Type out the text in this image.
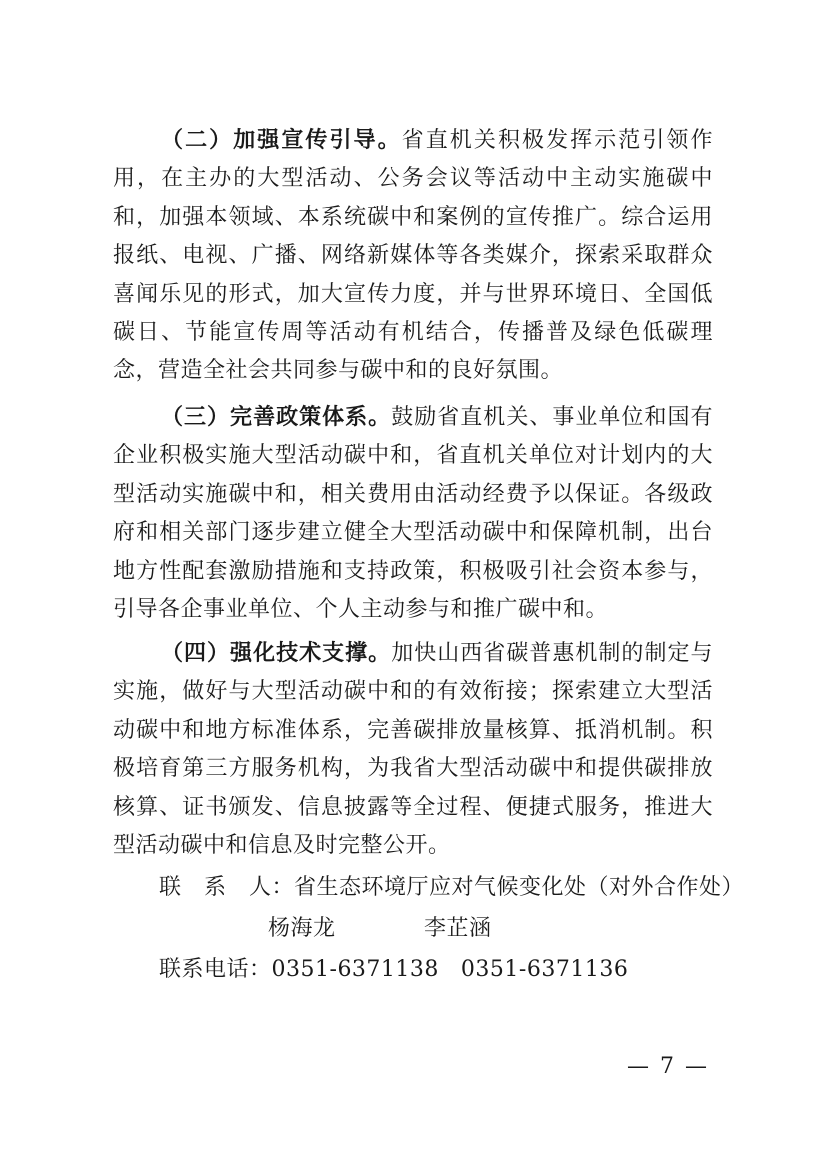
（二）加强宣传引导。省直机关积极发挥示范引领作用，在主办的大型活动、公务会议等活动中主动实施碳中和，加强本领域、本系统碳中和案例的宣传推广。综合运用报纸、电视、广播、网络新媒体等各类媒介，探索采取群众喜闻乐见的形式，加大宣传力度，并与世界环境日、全国低碳日、节能宣传周等活动有机结合，传播普及绿色低碳理念，营造全社会共同参与碳中和的良好氛围。

（三）完善政策体系。鼓励省直机关、事业单位和国有企业积极实施大型活动碳中和，省直机关单位对计划内的大型活动实施碳中和，相关费用由活动经费予以保证。各级政府和相关部门逐步建立健全大型活动碳中和保障机制，出台地方性配套激励措施和支持政策，积极吸引社会资本参与，引导各企事业单位、个人主动参与和推广碳中和。

（四）强化技术支撑。加快山西省碳普惠机制的制定与实施，做好与大型活动碳中和的有效衔接；探索建立大型活动碳中和地方标准体系，完善碳排放量核算、抵消机制。积极培育第三方服务机构，为我省大型活动碳中和提供碳排放核算、证书颁发、信息披露等全过程、便捷式服务，推进大型活动碳中和信息及时完整公开。

联　系　人：省生态环境厅应对气候变化处（对外合作处）
杨海龙	李芷涵
联系电话：0351-6371138 0351-6371136
— 7 —
